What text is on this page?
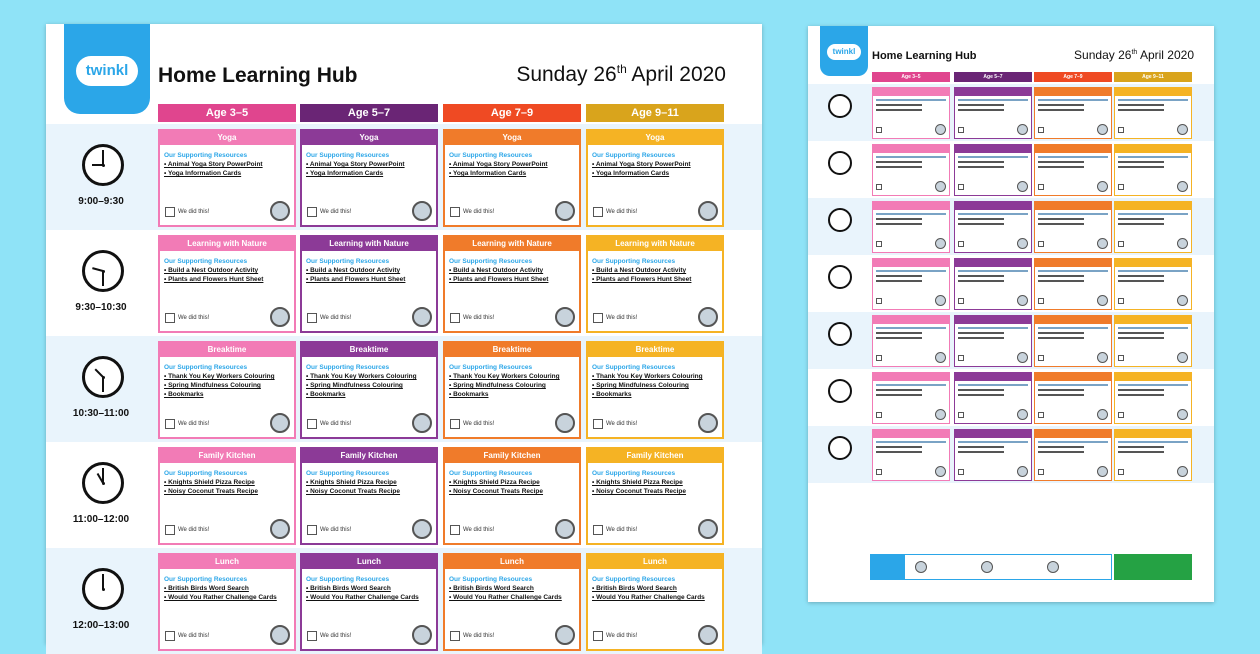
twinkl	Home Learning Hub	Sunday 26th April 2020
Age 3–5	Age 5–7	Age 7–9	Age 9–11
9:00–9:30
Yoga
Our Supporting Resources
• Animal Yoga Story PowerPoint
• Yoga Information Cards
We did this!
Yoga
Our Supporting Resources
• Animal Yoga Story PowerPoint
• Yoga Information Cards
We did this!
Yoga
Our Supporting Resources
• Animal Yoga Story PowerPoint
• Yoga Information Cards
We did this!
Yoga
Our Supporting Resources
• Animal Yoga Story PowerPoint
• Yoga Information Cards
We did this!
9:30–10:30
Learning with Nature
Our Supporting Resources
• Build a Nest Outdoor Activity
• Plants and Flowers Hunt Sheet
We did this!
Learning with Nature
Our Supporting Resources
• Build a Nest Outdoor Activity
• Plants and Flowers Hunt Sheet
We did this!
Learning with Nature
Our Supporting Resources
• Build a Nest Outdoor Activity
• Plants and Flowers Hunt Sheet
We did this!
Learning with Nature
Our Supporting Resources
• Build a Nest Outdoor Activity
• Plants and Flowers Hunt Sheet
We did this!
10:30–11:00
Breaktime
Our Supporting Resources
• Thank You Key Workers Colouring
• Spring Mindfulness Colouring
• Bookmarks
We did this!
Breaktime
Our Supporting Resources
• Thank You Key Workers Colouring
• Spring Mindfulness Colouring
• Bookmarks
We did this!
Breaktime
Our Supporting Resources
• Thank You Key Workers Colouring
• Spring Mindfulness Colouring
• Bookmarks
We did this!
Breaktime
Our Supporting Resources
• Thank You Key Workers Colouring
• Spring Mindfulness Colouring
• Bookmarks
We did this!
11:00–12:00
Family Kitchen
Our Supporting Resources
• Knights Shield Pizza Recipe
• Noisy Coconut Treats Recipe
We did this!
Family Kitchen
Our Supporting Resources
• Knights Shield Pizza Recipe
• Noisy Coconut Treats Recipe
We did this!
Family Kitchen
Our Supporting Resources
• Knights Shield Pizza Recipe
• Noisy Coconut Treats Recipe
We did this!
Family Kitchen
Our Supporting Resources
• Knights Shield Pizza Recipe
• Noisy Coconut Treats Recipe
We did this!
12:00–13:00
Lunch
Our Supporting Resources
• British Birds Word Search
• Would You Rather Challenge Cards
We did this!
Lunch
Our Supporting Resources
• British Birds Word Search
• Would You Rather Challenge Cards
We did this!
Lunch
Our Supporting Resources
• British Birds Word Search
• Would You Rather Challenge Cards
We did this!
Lunch
Our Supporting Resources
• British Birds Word Search
• Would You Rather Challenge Cards
We did this!
twinkl	Home Learning Hub	Sunday 26th April 2020
Age 3–5	Age 5–7	Age 7–9	Age 9–11
